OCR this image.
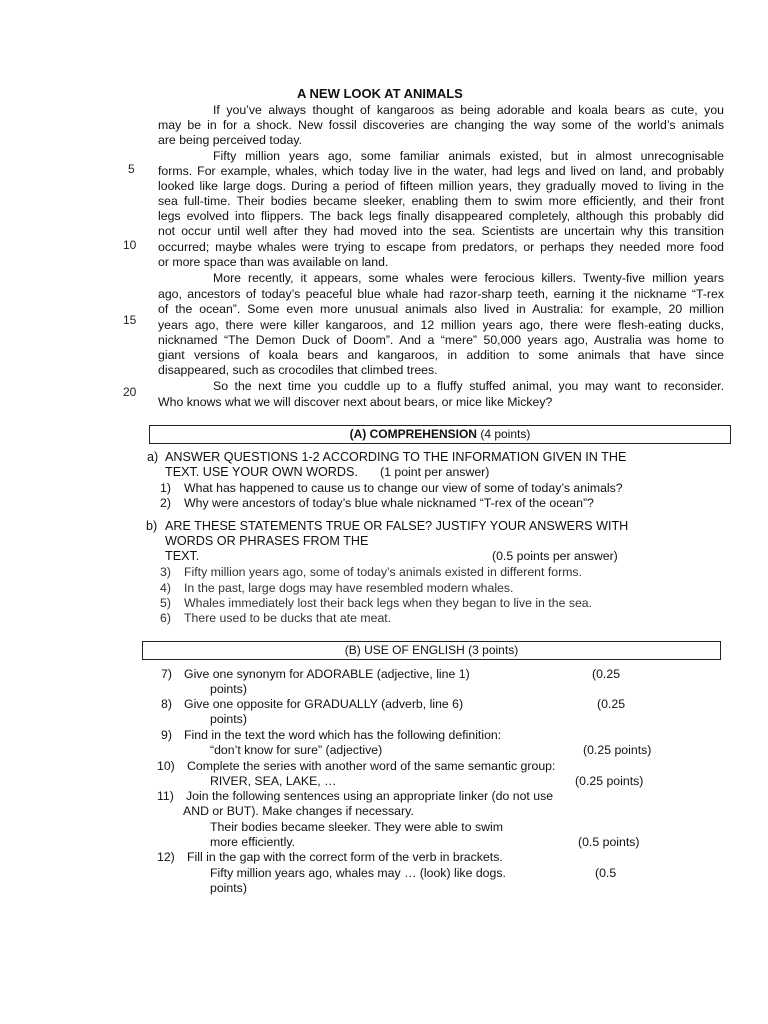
A NEW LOOK AT ANIMALS
5
10
15
20
If you’ve always thought of kangaroos as being adorable and koala bears as cute, you
may be in for a shock. New fossil discoveries are changing the way some of the world’s animals
are being perceived today.
Fifty million years ago, some familiar animals existed, but in almost unrecognisable
forms. For example, whales, which today live in the water, had legs and lived on land, and probably
looked like large dogs. During a period of fifteen million years, they gradually moved to living in the
sea full-time. Their bodies became sleeker, enabling them to swim more efficiently, and their front
legs evolved into flippers. The back legs finally disappeared completely, although this probably did
not occur until well after they had moved into the sea. Scientists are uncertain why this transition
occurred; maybe whales were trying to escape from predators, or perhaps they needed more food
or more space than was available on land.
More recently, it appears, some whales were ferocious killers. Twenty-five million years
ago, ancestors of today’s peaceful blue whale had razor-sharp teeth, earning it the nickname “T-rex
of the ocean”. Some even more unusual animals also lived in Australia: for example, 20 million
years ago, there were killer kangaroos, and 12 million years ago, there were flesh-eating ducks,
nicknamed “The Demon Duck of Doom”. And a “mere” 50,000 years ago, Australia was home to
giant versions of koala bears and kangaroos, in addition to some animals that have since
disappeared, such as crocodiles that climbed trees.
So the next time you cuddle up to a fluffy stuffed animal, you may want to reconsider.
Who knows what we will discover next about bears, or mice like Mickey?
(A) COMPREHENSION (4 points)
a) ANSWER QUESTIONS 1-2 ACCORDING TO THE INFORMATION GIVEN IN THE
TEXT. USE YOUR OWN WORDS. (1 point per answer)
1) What has happened to cause us to change our view of some of today’s animals?
2) Why were ancestors of today’s blue whale nicknamed “T-rex of the ocean”?
b) ARE THESE STATEMENTS TRUE OR FALSE? JUSTIFY YOUR ANSWERS WITH
WORDS OR PHRASES FROM THE
TEXT.	(0.5 points per answer)
3) Fifty million years ago, some of today’s animals existed in different forms.
4) In the past, large dogs may have resembled modern whales.
5) Whales immediately lost their back legs when they began to live in the sea.
6) There used to be ducks that ate meat.
(B) USE OF ENGLISH (3 points)
7) Give one synonym for ADORABLE (adjective, line 1)	(0.25
points)
8) Give one opposite for GRADUALLY (adverb, line 6)	(0.25
points)
9) Find in the text the word which has the following definition:
“don’t know for sure” (adjective)	(0.25 points)
10) Complete the series with another word of the same semantic group:
RIVER, SEA, LAKE, …	(0.25 points)
11) Join the following sentences using an appropriate linker (do not use
AND or BUT). Make changes if necessary.
Their bodies became sleeker. They were able to swim
more efficiently.	(0.5 points)
12) Fill in the gap with the correct form of the verb in brackets.
Fifty million years ago, whales may … (look) like dogs.	(0.5
points)
